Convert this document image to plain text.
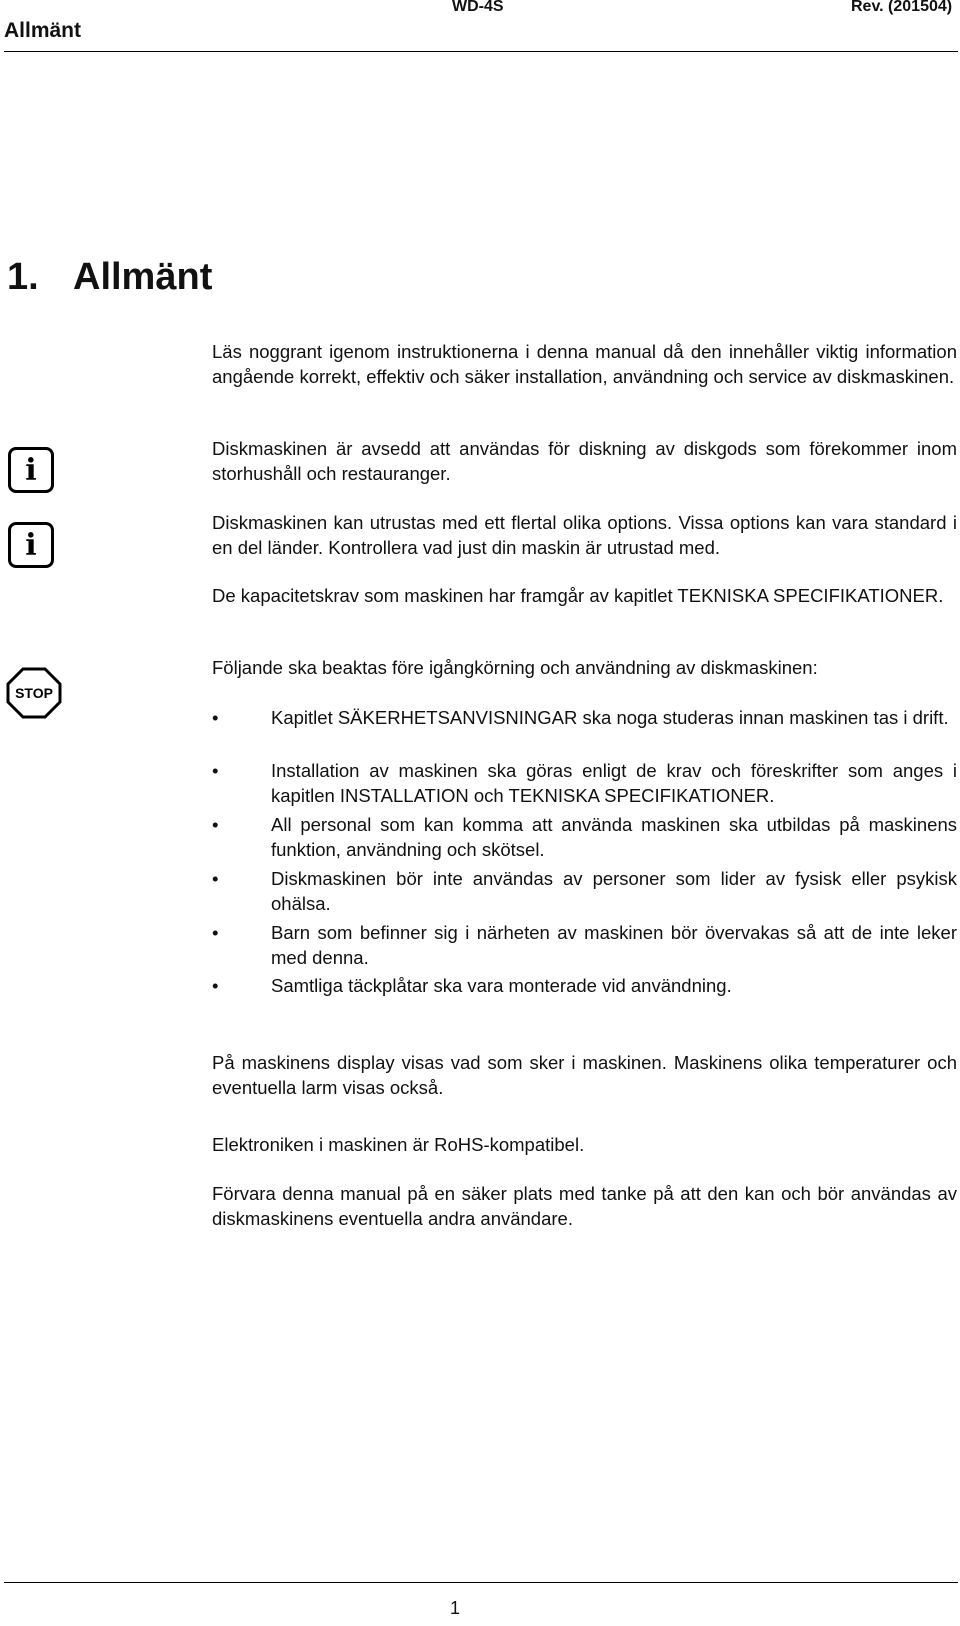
Allmänt
WD-4S	Rev. (201504)
1. Allmänt
Läs noggrant igenom instruktionerna i denna manual då den innehåller viktig information angående korrekt, effektiv och säker installation, användning och service av diskmaskinen.
i
Diskmaskinen är avsedd att användas för diskning av diskgods som förekommer inom storhushåll och restauranger.
i
Diskmaskinen kan utrustas med ett flertal olika options. Vissa options kan vara standard i en del länder. Kontrollera vad just din maskin är utrustad med.
De kapacitetskrav som maskinen har framgår av kapitlet TEKNISKA SPECIFIKATIONER.
STOP
Följande ska beaktas före igångkörning och användning av diskmaskinen:
•	Kapitlet SÄKERHETSANVISNINGAR ska noga studeras innan maskinen tas i drift.
•	Installation av maskinen ska göras enligt de krav och föreskrifter som anges i kapitlen INSTALLATION och TEKNISKA SPECIFIKATIONER.
•	All personal som kan komma att använda maskinen ska utbildas på maskinens funktion, användning och skötsel.
•	Diskmaskinen bör inte användas av personer som lider av fysisk eller psykisk ohälsa.
•	Barn som befinner sig i närheten av maskinen bör övervakas så att de inte leker med denna.
•	Samtliga täckplåtar ska vara monterade vid användning.
På maskinens display visas vad som sker i maskinen. Maskinens olika temperaturer och eventuella larm visas också.
Elektroniken i maskinen är RoHS-kompatibel.
Förvara denna manual på en säker plats med tanke på att den kan och bör användas av diskmaskinens eventuella andra användare.
1
